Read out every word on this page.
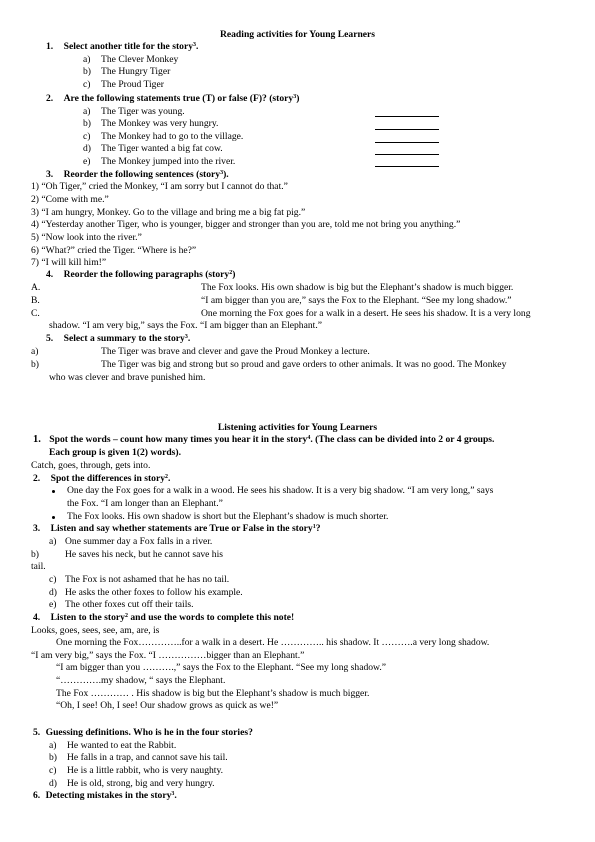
Reading activities for Young Learners
1. Select another title for the story$^3$.
a) The Clever Monkey
b) The Hungry Tiger
c) The Proud Tiger
2. Are the following statements true (T) or false (F)? (story$^3$)
a) The Tiger was young.
b) The Monkey was very hungry.
c) The Monkey had to go to the village.
d) The Tiger wanted a big fat cow.
e) The Monkey jumped into the river.
3. Reorder the following sentences (story$^3$).
1) “Oh Tiger,” cried the Monkey, “I am sorry but I cannot do that.”
2) “Come with me.”
3) “I am hungry, Monkey. Go to the village and bring me a big fat pig.”
4) “Yesterday another Tiger, who is younger, bigger and stronger than you are, told me not bring you anything.”
5) “Now look into the river.”
6) “What?” cried the Tiger. “Where is he?”
7) “I will kill him!”
4. Reorder the following paragraphs (story$^2$)
A.	The Fox looks. His own shadow is big but the Elephant’s shadow is much bigger.
B.	“I am bigger than you are,” says the Fox to the Elephant. “See my long shadow.”
C.	One morning the Fox goes for a walk in a desert. He sees his shadow. It is a very long
shadow. “I am very big,” says the Fox. “I am bigger than an Elephant.”
5. Select a summary to the story$^3$.
a)	The Tiger was brave and clever and gave the Proud Monkey a lecture.
b)	The Tiger was big and strong but so proud and gave orders to other animals. It was no good. The Monkey
who was clever and brave punished him.
Listening activities for Young Learners
1. Spot the words – count how many times you hear it in the story$^4$. (The class can be divided into 2 or 4 groups.
Each group is given 1(2) words).
Catch, goes, through, gets into.
2. Spot the differences in story$^2$.
One day the Fox goes for a walk in a wood. He sees his shadow. It is a very big shadow. “I am very long,” says
the Fox. “I am longer than an Elephant.”
The Fox looks. His own shadow is short but the Elephant’s shadow is much shorter.
3. Listen and say whether statements are True or False in the story$^1$?
a) One summer day a Fox falls in a river.
b)	He saves his neck, but he cannot save his
tail.
c) The Fox is not ashamed that he has no tail.
d) He asks the other foxes to follow his example.
e) The other foxes cut off their tails.
4. Listen to the story$^2$ and use the words to complete this note!
Looks, goes, sees, see, am, are, is
One morning the Fox…………..for a walk in a desert. He ………….. his shadow. It ……….a very long shadow.
“I am very big,” says the Fox. “I ……………bigger than an Elephant.”
“I am bigger than you ……….,” says the Fox to the Elephant. “See my long shadow.”
“………….my shadow, “ says the Elephant.
The Fox ………… . His shadow is big but the Elephant’s shadow is much bigger.
“Oh, I see! Oh, I see! Our shadow grows as quick as we!”
5. Guessing definitions. Who is he in the four stories?
a) He wanted to eat the Rabbit.
b) He falls in a trap, and cannot save his tail.
c) He is a little rabbit, who is very naughty.
d) He is old, strong, big and very hungry.
6. Detecting mistakes in the story$^3$.
